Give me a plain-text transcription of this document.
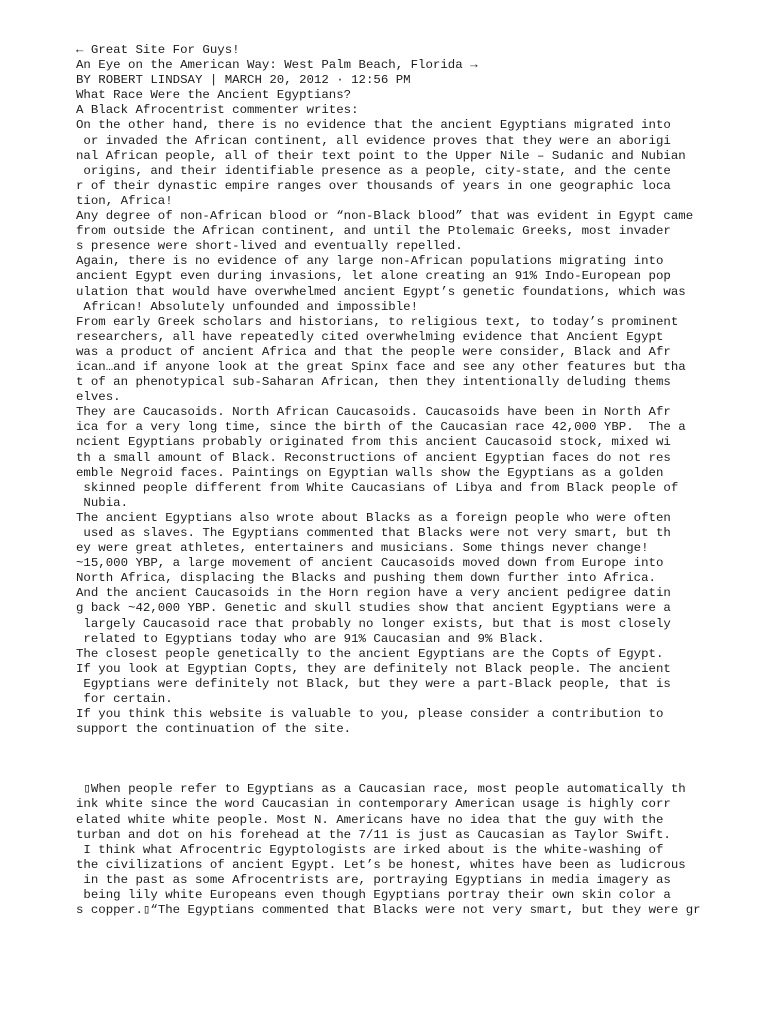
← Great Site For Guys!
An Eye on the American Way: West Palm Beach, Florida →
BY ROBERT LINDSAY | MARCH 20, 2012 · 12:56 PM
What Race Were the Ancient Egyptians?
A Black Afrocentrist commenter writes:
On the other hand, there is no evidence that the ancient Egyptians migrated into
or invaded the African continent, all evidence proves that they were an aborigi
nal African people, all of their text point to the Upper Nile – Sudanic and Nubian
origins, and their identifiable presence as a people, city-state, and the cente
r of their dynastic empire ranges over thousands of years in one geographic loca
tion, Africa!
Any degree of non-African blood or “non-Black blood” that was evident in Egypt came
from outside the African continent, and until the Ptolemaic Greeks, most invader
s presence were short-lived and eventually repelled.
Again, there is no evidence of any large non-African populations migrating into
ancient Egypt even during invasions, let alone creating an 91% Indo-European pop
ulation that would have overwhelmed ancient Egypt’s genetic foundations, which was
African! Absolutely unfounded and impossible!
From early Greek scholars and historians, to religious text, to today’s prominent
researchers, all have repeatedly cited overwhelming evidence that Ancient Egypt
was a product of ancient Africa and that the people were consider, Black and Afr
ican…and if anyone look at the great Spinx face and see any other features but tha
t of an phenotypical sub-Saharan African, then they intentionally deluding thems
elves.
They are Caucasoids. North African Caucasoids. Caucasoids have been in North Afr
ica for a very long time, since the birth of the Caucasian race 42,000 YBP.  The a
ncient Egyptians probably originated from this ancient Caucasoid stock, mixed wi
th a small amount of Black. Reconstructions of ancient Egyptian faces do not res
emble Negroid faces. Paintings on Egyptian walls show the Egyptians as a golden
skinned people different from White Caucasians of Libya and from Black people of
Nubia.
The ancient Egyptians also wrote about Blacks as a foreign people who were often
used as slaves. The Egyptians commented that Blacks were not very smart, but th
ey were great athletes, entertainers and musicians. Some things never change!
~15,000 YBP, a large movement of ancient Caucasoids moved down from Europe into
North Africa, displacing the Blacks and pushing them down further into Africa.
And the ancient Caucasoids in the Horn region have a very ancient pedigree datin
g back ~42,000 YBP. Genetic and skull studies show that ancient Egyptians were a
largely Caucasoid race that probably no longer exists, but that is most closely
related to Egyptians today who are 91% Caucasian and 9% Black.
The closest people genetically to the ancient Egyptians are the Copts of Egypt.
If you look at Egyptian Copts, they are definitely not Black people. The ancient
Egyptians were definitely not Black, but they were a part-Black people, that is
for certain.
If you think this website is valuable to you, please consider a contribution to
support the continuation of the site.
▯When people refer to Egyptians as a Caucasian race, most people automatically th
ink white since the word Caucasian in contemporary American usage is highly corr
elated white white people. Most N. Americans have no idea that the guy with the
turban and dot on his forehead at the 7/11 is just as Caucasian as Taylor Swift.
I think what Afrocentric Egyptologists are irked about is the white-washing of
the civilizations of ancient Egypt. Let’s be honest, whites have been as ludicrous
in the past as some Afrocentrists are, portraying Egyptians in media imagery as
being lily white Europeans even though Egyptians portray their own skin color a
s copper.▯“The Egyptians commented that Blacks were not very smart, but they were gr
